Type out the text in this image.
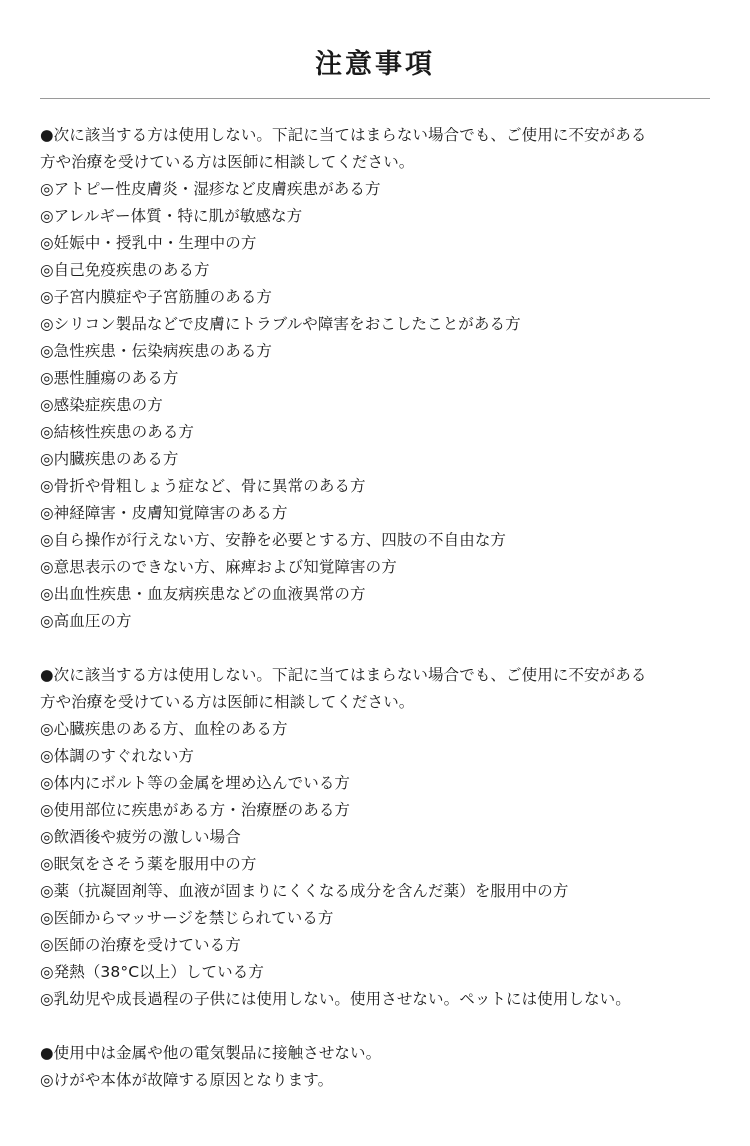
注意事項
●次に該当する方は使用しない。下記に当てはまらない場合でも、ご使用に不安がある
方や治療を受けている方は医師に相談してください。
◎アトピー性皮膚炎・湿疹など皮膚疾患がある方
◎アレルギー体質・特に肌が敏感な方
◎妊娠中・授乳中・生理中の方
◎自己免疫疾患のある方
◎子宮内膜症や子宮筋腫のある方
◎シリコン製品などで皮膚にトラブルや障害をおこしたことがある方
◎急性疾患・伝染病疾患のある方
◎悪性腫瘍のある方
◎感染症疾患の方
◎結核性疾患のある方
◎内臓疾患のある方
◎骨折や骨粗しょう症など、骨に異常のある方
◎神経障害・皮膚知覚障害のある方
◎自ら操作が行えない方、安静を必要とする方、四肢の不自由な方
◎意思表示のできない方、麻痺および知覚障害の方
◎出血性疾患・血友病疾患などの血液異常の方
◎高血圧の方
●次に該当する方は使用しない。下記に当てはまらない場合でも、ご使用に不安がある
方や治療を受けている方は医師に相談してください。
◎心臓疾患のある方、血栓のある方
◎体調のすぐれない方
◎体内にボルト等の金属を埋め込んでいる方
◎使用部位に疾患がある方・治療歴のある方
◎飲酒後や疲労の激しい場合
◎眠気をさそう薬を服用中の方
◎薬（抗凝固剤等、血液が固まりにくくなる成分を含んだ薬）を服用中の方
◎医師からマッサージを禁じられている方
◎医師の治療を受けている方
◎発熱（38°C以上）している方
◎乳幼児や成長過程の子供には使用しない。使用させない。ペットには使用しない。
●使用中は金属や他の電気製品に接触させない。
◎けがや本体が故障する原因となります。
